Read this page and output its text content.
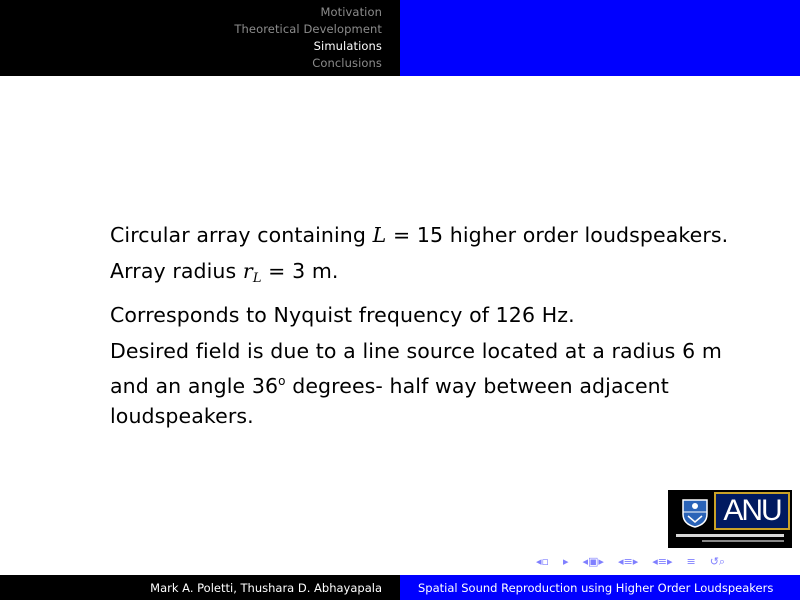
Motivation
Theoretical Development
Simulations
Conclusions
Circular array containing L = 15 higher order loudspeakers.
Array radius $r_L = 3$ m.
Corresponds to Nyquist frequency of 126 Hz.
Desired field is due to a line source located at a radius 6 m and an angle 36$^o$ degrees- half way between adjacent loudspeakers.
ANU
◂▫ ▸ ◂▣▸ ◂≡▸ ◂≡▸ ≡ ↺⌕
Mark A. Poletti, Thushara D. Abhayapala	Spatial Sound Reproduction using Higher Order Loudspeakers
